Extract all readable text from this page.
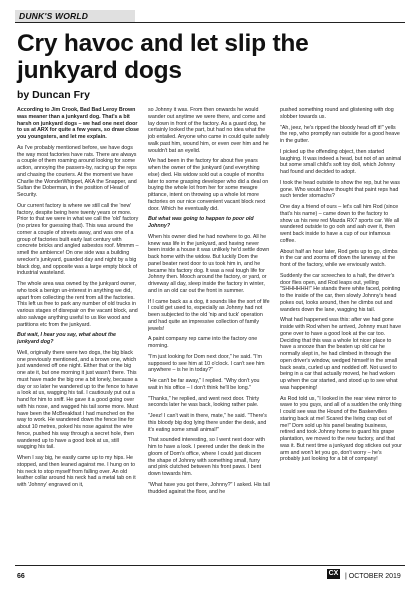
DUNK'S WORLD
Cry havoc and let slip the junkyard dogs
by Duncan Fry

According to Jim Crook, Bad Bad Leroy Brown was meaner than a junkyard dog. That's a bit harsh on junkyard dogs – we had one next door to us at ARX for quite a few years, so draw close you youngsters, and let me explain.

As I've probably mentioned before, we have dogs the way most factories have rats. There are always a couple of them roaming around looking for some action, annoying the passers-by, racing up the reps and chasing the couriers. At the moment we have Charlie the WonderWhippet, AKA the Snapper, and Sultan the Doberman, in the position of Head of Security.

Our current factory is where we still call the 'new' factory, despite being here twenty years or more. Prior to that we were in what we call the 'old' factory (no prizes for guessing that). This was around the corner a couple of streets away, and was one of a group of factories built early last century with concrete bricks and angled asbestos roof. Mmmm – smell the ambience! On one side was a building wrecker's junkyard, guarded day and night by a big black dog, and opposite was a large empty block of industrial wasteland.

The whole area was owned by the junkyard owner, who took a benign un-interest in anything we did, apart from collecting the rent from all the factories. This left us free to park any number of old trucks in various stages of disrepair on the vacant block, and also salvage anything useful to us like wood and partitions etc from the junkyard.

But wait, I hear you say, what about the junkyard dog?

Well, originally there were two dogs, the big black one previously mentioned, and a brown one, which just wandered off one night. Either that or the big one ate it, but one morning it just wasn't there. This must have made the big one a bit lonely, because a day or so later he wandered up to the fence to have a look at us, wagging his tail. I cautiously put out a hand for him to sniff. He gave it a good going over with his nose, and wagged his tail some more. Must have been the McBreakfast I had munched on the way to work. He wandered down the fence line for about 10 metres, poked his nose against the wire fence, pushed his way through a secret hole, then wandered up to have a good look at us, still wagging his tail.

When I say big, he easily came up to my hips. He stopped, and then leaned against me. I hung on to his neck to stop myself from falling over. An old leather collar around his neck had a metal tab on it with 'Johnny' engraved on it,

so Johnny it was. From then onwards he would wander out anytime we were there, and come and lay down in front of the factory. As a guard dog, he certainly looked the part, but had no idea what the job entailed. Anyone who came in could quite safely walk past him, wound him, or even over him and he wouldn't bat an eyelid.

We had been in the factory for about five years when the owner of the junkyard (and everything else) died. His widow sold out a couple of months later to some grasping developer who did a deal on buying the whole lot from her for some meagre pittance, intent on throwing up a whole lot more factories on our nice convenient vacant block next door. Which he eventually did.

But what was going to happen to poor old Johnny?

When his owner died he had nowhere to go. All he knew was life in the junkyard, and having never been inside a house it was unlikely he'd settle down back home with the widow. But luckily Dom the panel beater next door to us took him in, and he became his factory dog. It was a real tough life for Johnny then. Mooch around the factory, or yard, or driveway all day, sleep inside the factory in winter, and in an old car out the front in summer.

If I came back as a dog, it sounds like the sort of life I could get used to, especially as Johnny had not been subjected to the old 'nip and tuck' operation and had quite an impressive collection of family jewels!

A paint company rep came into the factory one morning.

"I'm just looking for Dom next door," he said. "I'm supposed to see him at 10 o'clock. I can't see him anywhere – is he in today?"

"He can't be far away," I replied. "Why don't you wait in his office – I don't think he'll be long."

"Thanks," he replied, and went next door. Thirty seconds later he was back, looking rather pale.

"Jeez! I can't wait in there, mate," he said. "There's this bloody big dog lying there under the desk, and it's eating some small animal!"

That sounded interesting, so I went next door with him to have a look. I peered under the desk in the gloom of Dom's office, where I could just discern the shape of Johnny with something small, furry and pink clutched between his front paws. I bent down towards him.

"What have you got there, Johnny?" I asked. His tail thudded against the floor, and he

pushed something round and glistening with dog slobber towards us.

"Ah, jeez, he's ripped the bloody head off it!" yells the rep, who promptly ran outside for a good heave in the gutter.

I picked up the offending object, then started laughing. It was indeed a head, but not of an animal but some small child's soft toy doll, which Johnny had found and decided to adopt.

I took the head outside to show the rep, but he was gone. Who would have thought that paint reps had such tender stomachs?

One day a friend of ours – let's call him Rod (since that's his name) – came down to the factory to show us his new red Mazda RX7 sports car. We all wandered outside to go ooh and aah over it, then went back inside to have a cup of our infamous coffee.

About half an hour later, Rod gets up to go, climbs in the car and zooms off down the laneway at the front of the factory, while we enviously watch.

Suddenly the car screeches to a halt, the driver's door flies open, and Rod leaps out, yelling "SHHHHHH!" He stands there white faced, pointing to the inside of the car, then slowly Johnny's head pokes out, looks around, then he climbs out and wanders down the lane, wagging his tail.

What had happened was this: after we had gone inside with Rod when he arrived, Johnny must have gone over to have a good look at the car too. Deciding that this was a whole lot nicer place to have a snooze than the beaten up old car he normally slept in, he had climbed in through the open driver's window, wedged himself in the small back seats, curled up and nodded off. Not used to being in a car that actually moved, he had woken up when the car started, and stood up to see what was happening!

As Rod told us, "I looked in the rear view mirror to wave to you guys, and all of a sudden the only thing I could see was the Hound of the Baskervilles staring back at me! Scared the living crap out of me!" Dom sold up his panel beating business, retired and took Johnny home to guard his grape plantation, we moved to the new factory, and that was it. But next time a junkyard dog stickes out your arm and won't let you go, don't worry – he's probably just looking for a bit of company!

66	CX | OCTOBER 2019
